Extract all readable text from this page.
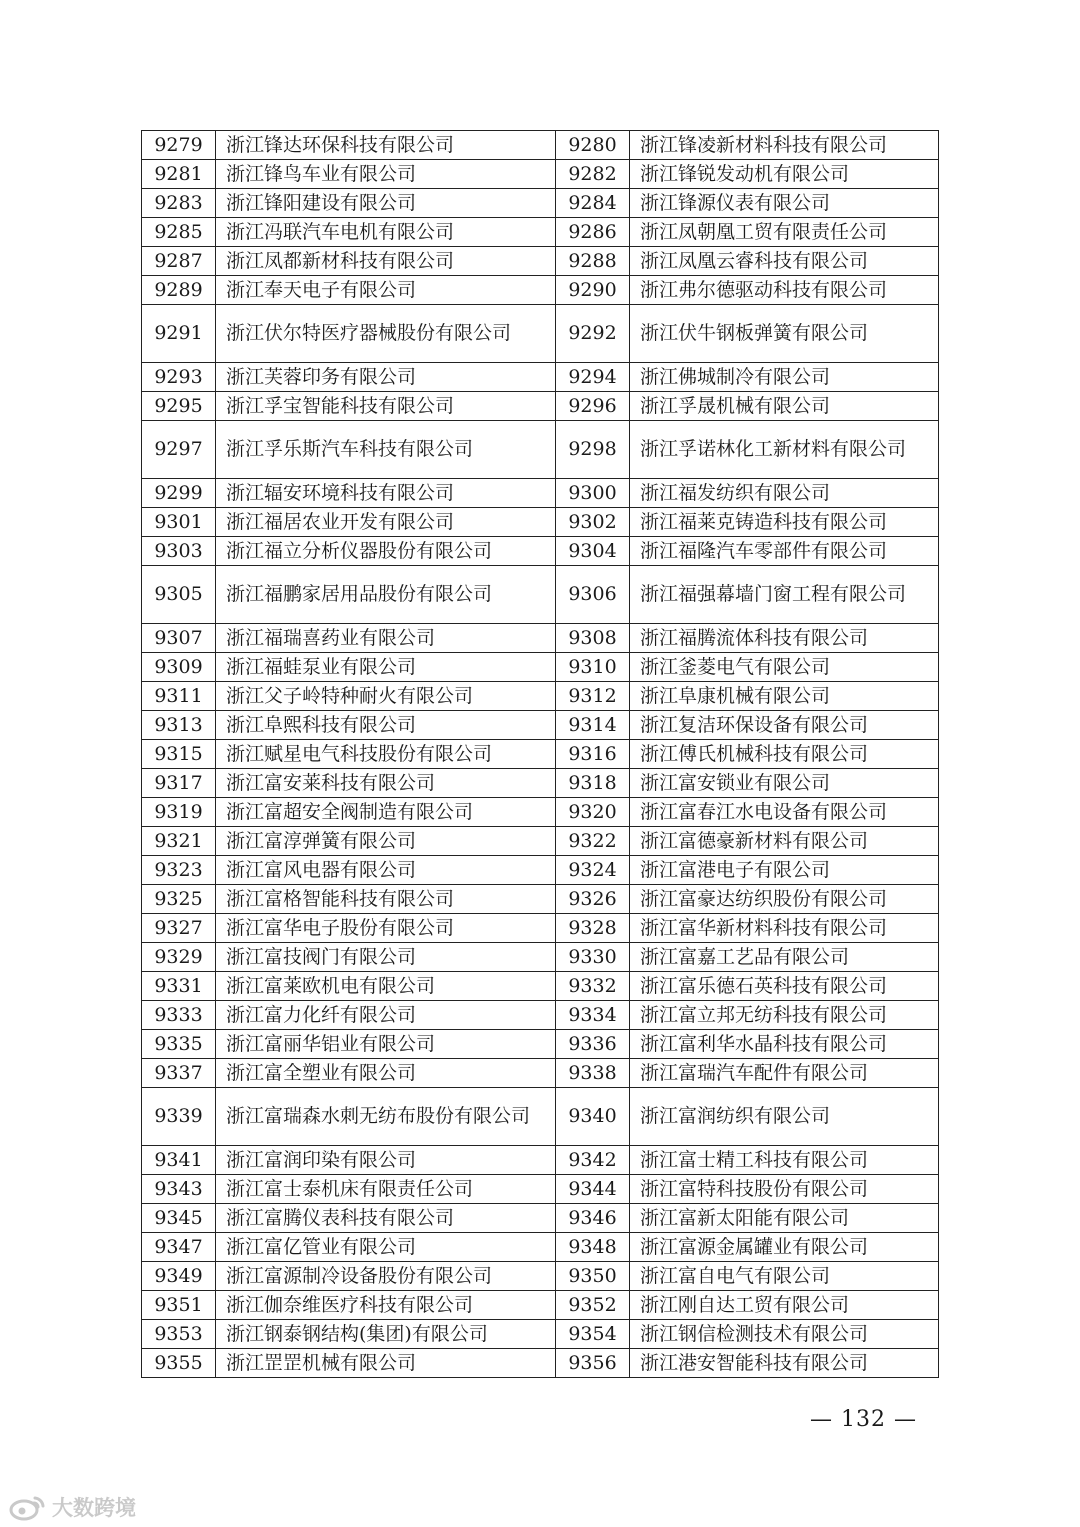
9279	浙江锋达环保科技有限公司	9280	浙江锋凌新材料科技有限公司
9281	浙江锋鸟车业有限公司	9282	浙江锋锐发动机有限公司
9283	浙江锋阳建设有限公司	9284	浙江锋源仪表有限公司
9285	浙江冯联汽车电机有限公司	9286	浙江凤朝凰工贸有限责任公司
9287	浙江凤都新材科技有限公司	9288	浙江凤凰云睿科技有限公司
9289	浙江奉天电子有限公司	9290	浙江弗尔德驱动科技有限公司
9291	浙江伏尔特医疗器械股份有限公司	9292	浙江伏牛钢板弹簧有限公司
9293	浙江芙蓉印务有限公司	9294	浙江佛城制冷有限公司
9295	浙江孚宝智能科技有限公司	9296	浙江孚晟机械有限公司
9297	浙江孚乐斯汽车科技有限公司	9298	浙江孚诺林化工新材料有限公司
9299	浙江辐安环境科技有限公司	9300	浙江福发纺织有限公司
9301	浙江福居农业开发有限公司	9302	浙江福莱克铸造科技有限公司
9303	浙江福立分析仪器股份有限公司	9304	浙江福隆汽车零部件有限公司
9305	浙江福鹏家居用品股份有限公司	9306	浙江福强幕墙门窗工程有限公司
9307	浙江福瑞喜药业有限公司	9308	浙江福腾流体科技有限公司
9309	浙江福蛙泵业有限公司	9310	浙江釜菱电气有限公司
9311	浙江父子岭特种耐火有限公司	9312	浙江阜康机械有限公司
9313	浙江阜熙科技有限公司	9314	浙江复洁环保设备有限公司
9315	浙江赋星电气科技股份有限公司	9316	浙江傅氏机械科技有限公司
9317	浙江富安莱科技有限公司	9318	浙江富安锁业有限公司
9319	浙江富超安全阀制造有限公司	9320	浙江富春江水电设备有限公司
9321	浙江富淳弹簧有限公司	9322	浙江富德豪新材料有限公司
9323	浙江富风电器有限公司	9324	浙江富港电子有限公司
9325	浙江富格智能科技有限公司	9326	浙江富豪达纺织股份有限公司
9327	浙江富华电子股份有限公司	9328	浙江富华新材料科技有限公司
9329	浙江富技阀门有限公司	9330	浙江富嘉工艺品有限公司
9331	浙江富莱欧机电有限公司	9332	浙江富乐德石英科技有限公司
9333	浙江富力化纤有限公司	9334	浙江富立邦无纺科技有限公司
9335	浙江富丽华铝业有限公司	9336	浙江富利华水晶科技有限公司
9337	浙江富全塑业有限公司	9338	浙江富瑞汽车配件有限公司
9339	浙江富瑞森水刺无纺布股份有限公司	9340	浙江富润纺织有限公司
9341	浙江富润印染有限公司	9342	浙江富士精工科技有限公司
9343	浙江富士泰机床有限责任公司	9344	浙江富特科技股份有限公司
9345	浙江富腾仪表科技有限公司	9346	浙江富新太阳能有限公司
9347	浙江富亿管业有限公司	9348	浙江富源金属罐业有限公司
9349	浙江富源制冷设备股份有限公司	9350	浙江富自电气有限公司
9351	浙江伽奈维医疗科技有限公司	9352	浙江刚自达工贸有限公司
9353	浙江钢泰钢结构(集团)有限公司	9354	浙江钢信检测技术有限公司
9355	浙江罡罡机械有限公司	9356	浙江港安智能科技有限公司
— 132 —
大数跨境
